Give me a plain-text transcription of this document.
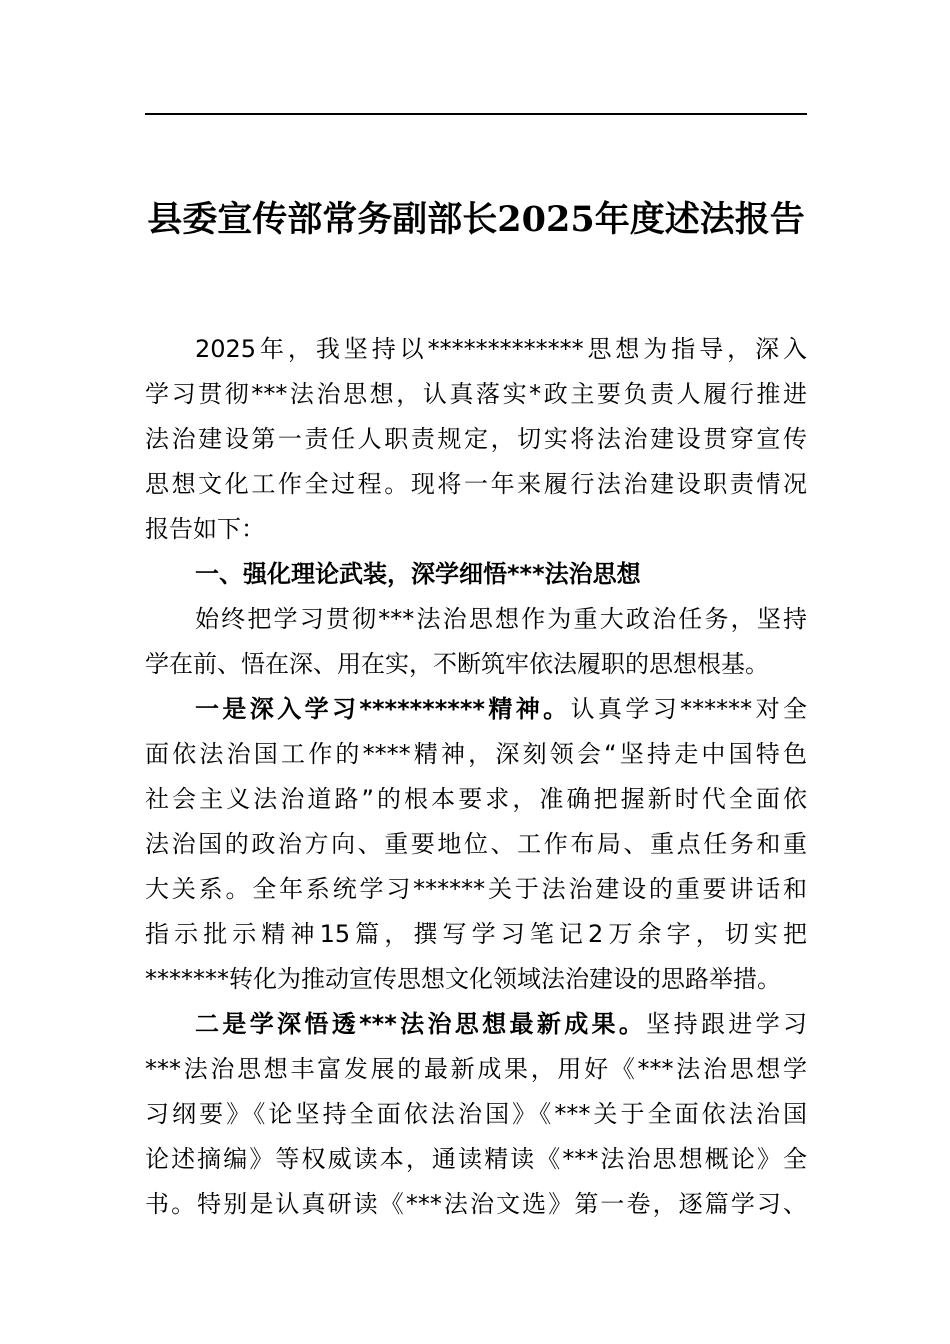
县委宣传部常务副部长2025年度述法报告
2025年，我坚持以*************思想为指导，深入
学习贯彻***法治思想，认真落实*政主要负责人履行推进
法治建设第一责任人职责规定，切实将法治建设贯穿宣传
思想文化工作全过程。现将一年来履行法治建设职责情况
报告如下：
一、强化理论武装，深学细悟***法治思想
始终把学习贯彻***法治思想作为重大政治任务，坚持
学在前、悟在深、用在实，不断筑牢依法履职的思想根基。
一是深入学习**********精神。认真学习******对全
面依法治国工作的****精神，深刻领会“坚持走中国特色
社会主义法治道路”的根本要求，准确把握新时代全面依
法治国的政治方向、重要地位、工作布局、重点任务和重
大关系。全年系统学习******关于法治建设的重要讲话和
指示批示精神15篇，撰写学习笔记2万余字，切实把
*******转化为推动宣传思想文化领域法治建设的思路举措。
二是学深悟透***法治思想最新成果。坚持跟进学习
***法治思想丰富发展的最新成果，用好《***法治思想学
习纲要》《论坚持全面依法治国》《***关于全面依法治国
论述摘编》等权威读本，通读精读《***法治思想概论》全
书。特别是认真研读《***法治文选》第一卷，逐篇学习、
